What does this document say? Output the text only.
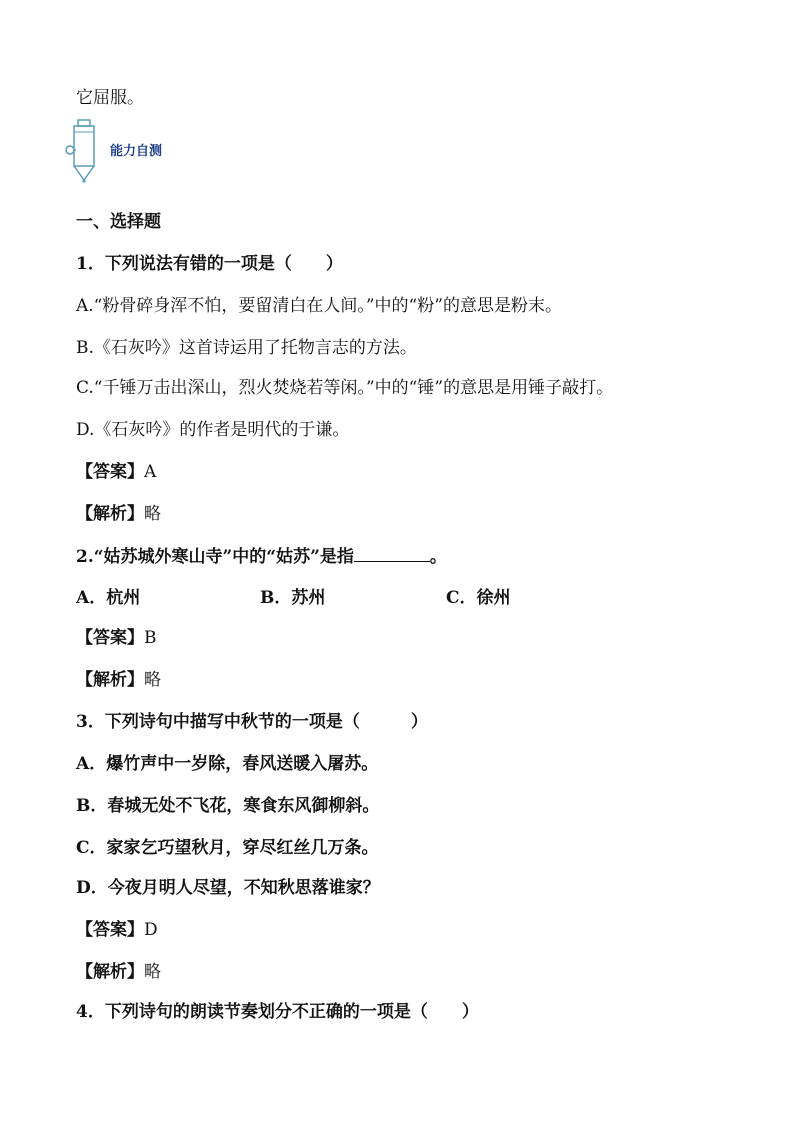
它屈服。
能力自测
一、选择题
1．下列说法有错的一项是（　　）
A.“粉骨碎身浑不怕，要留清白在人间。”中的“粉”的意思是粉末。
B.《石灰吟》这首诗运用了托物言志的方法。
C.“千锤万击出深山，烈火焚烧若等闲。”中的“锤”的意思是用锤子敲打。
D.《石灰吟》的作者是明代的于谦。
【答案】A
【解析】略
2.“姑苏城外寒山寺”中的“姑苏”是指	。
A．杭州	B．苏州	C．徐州
【答案】B
【解析】略
3．下列诗句中描写中秋节的一项是（　　　）
A．爆竹声中一岁除，春风送暖入屠苏。
B．春城无处不飞花，寒食东风御柳斜。
C．家家乞巧望秋月，穿尽红丝几万条。
D．今夜月明人尽望，不知秋思落谁家？
【答案】D
【解析】略
4．下列诗句的朗读节奏划分不正确的一项是（　　）
